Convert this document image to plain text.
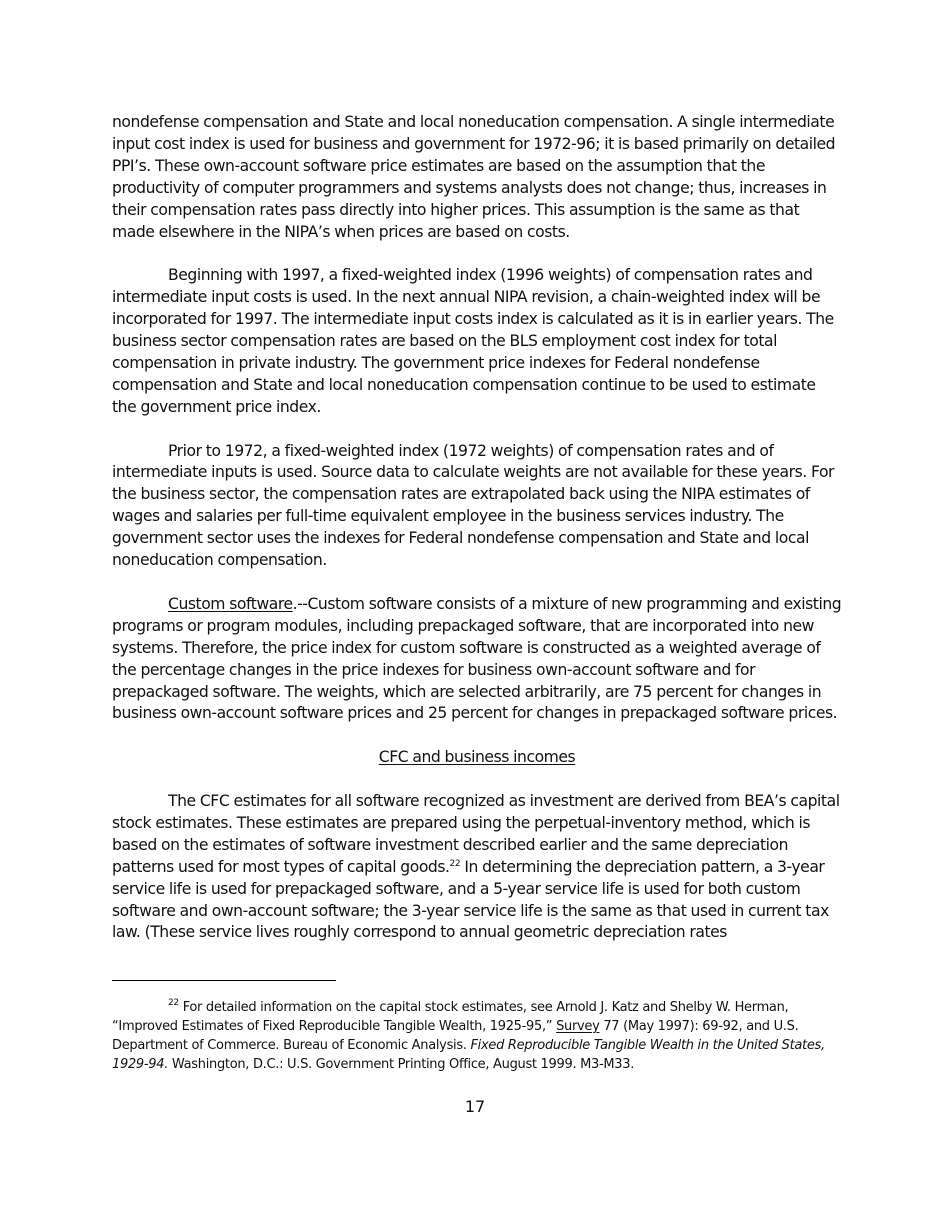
nondefense compensation and State and local noneducation compensation. A single intermediate input cost index is used for business and government for 1972-96; it is based primarily on detailed PPI’s. These own-account software price estimates are based on the assumption that the productivity of computer programmers and systems analysts does not change; thus, increases in their compensation rates pass directly into higher prices. This assumption is the same as that made elsewhere in the NIPA’s when prices are based on costs.

Beginning with 1997, a fixed-weighted index (1996 weights) of compensation rates and intermediate input costs is used. In the next annual NIPA revision, a chain-weighted index will be incorporated for 1997. The intermediate input costs index is calculated as it is in earlier years. The business sector compensation rates are based on the BLS employment cost index for total compensation in private industry. The government price indexes for Federal nondefense compensation and State and local noneducation compensation continue to be used to estimate the government price index.

Prior to 1972, a fixed-weighted index (1972 weights) of compensation rates and of intermediate inputs is used. Source data to calculate weights are not available for these years. For the business sector, the compensation rates are extrapolated back using the NIPA estimates of wages and salaries per full-time equivalent employee in the business services industry. The government sector uses the indexes for Federal nondefense compensation and State and local noneducation compensation.

Custom software.--Custom software consists of a mixture of new programming and existing programs or program modules, including prepackaged software, that are incorporated into new systems. Therefore, the price index for custom software is constructed as a weighted average of the percentage changes in the price indexes for business own-account software and for prepackaged software. The weights, which are selected arbitrarily, are 75 percent for changes in business own-account software prices and 25 percent for changes in prepackaged software prices.

CFC and business incomes

The CFC estimates for all software recognized as investment are derived from BEA’s capital stock estimates. These estimates are prepared using the perpetual-inventory method, which is based on the estimates of software investment described earlier and the same depreciation patterns used for most types of capital goods.$^{22}$ In determining the depreciation pattern, a 3-year service life is used for prepackaged software, and a 5-year service life is used for both custom software and own-account software; the 3-year service life is the same as that used in current tax law. (These service lives roughly correspond to annual geometric depreciation rates

$^{22}$ For detailed information on the capital stock estimates, see Arnold J. Katz and Shelby W. Herman, “Improved Estimates of Fixed Reproducible Tangible Wealth, 1925-95,” Survey 77 (May 1997): 69-92, and U.S. Department of Commerce. Bureau of Economic Analysis. Fixed Reproducible Tangible Wealth in the United States, 1929-94. Washington, D.C.: U.S. Government Printing Office, August 1999. M3-M33.

17
